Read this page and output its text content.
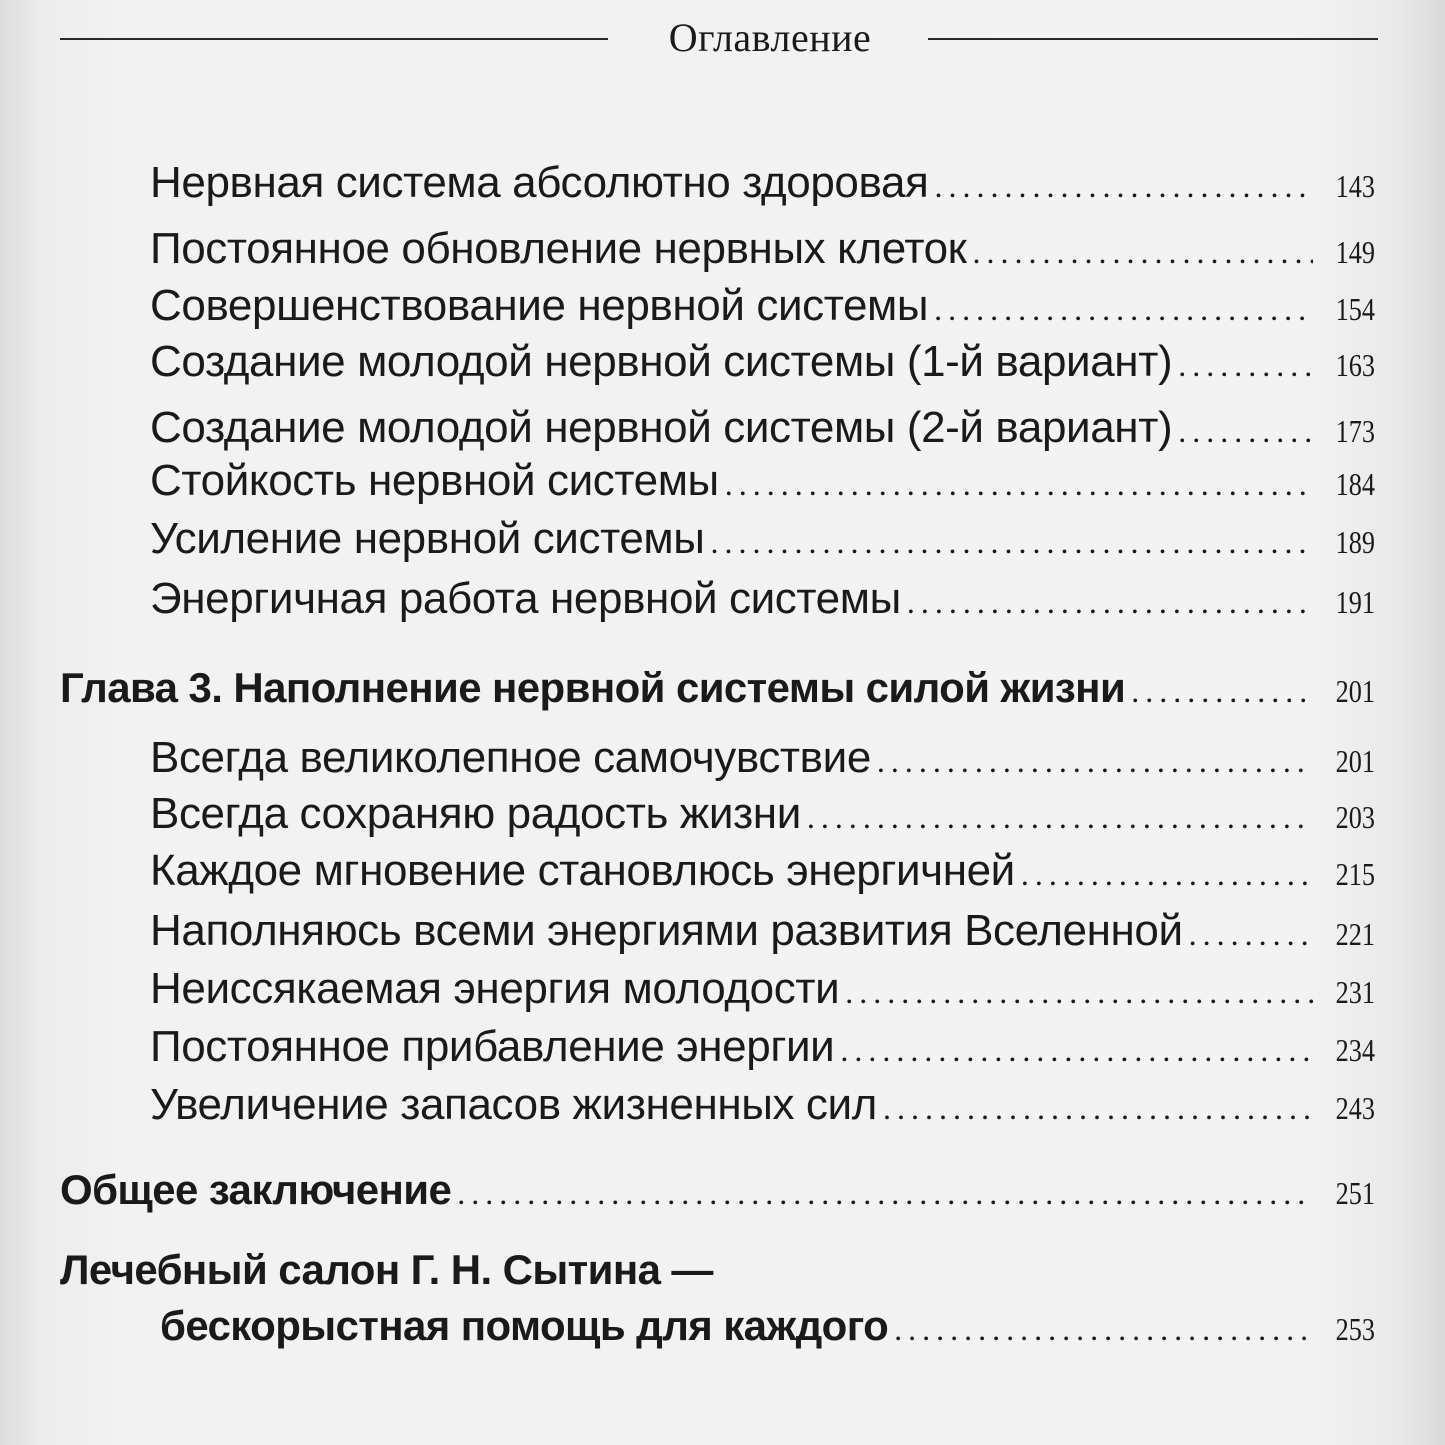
Оглавление
Нервная система абсолютно здоровая . . .	143
Постоянное обновление нервных клеток . . .	149
Совершенствование нервной системы . . .	154
Создание молодой нервной системы (1-й вариант) . . .	163
Создание молодой нервной системы (2-й вариант) . . .	173
Стойкость нервной системы . . .	184
Усиление нервной системы . . .	189
Энергичная работа нервной системы . . .	191
Глава 3. Наполнение нервной системы силой жизни . . .	201
Всегда великолепное самочувствие . . .	201
Всегда сохраняю радость жизни . . .	203
Каждое мгновение становлюсь энергичней . . .	215
Наполняюсь всеми энергиями развития Вселенной . . .	221
Неиссякаемая энергия молодости . . .	231
Постоянное прибавление энергии . . .	234
Увеличение запасов жизненных сил . . .	243
Общее заключение . . .	251
Лечебный салон Г. Н. Сытина —
бескорыстная помощь для каждого . . .	253
